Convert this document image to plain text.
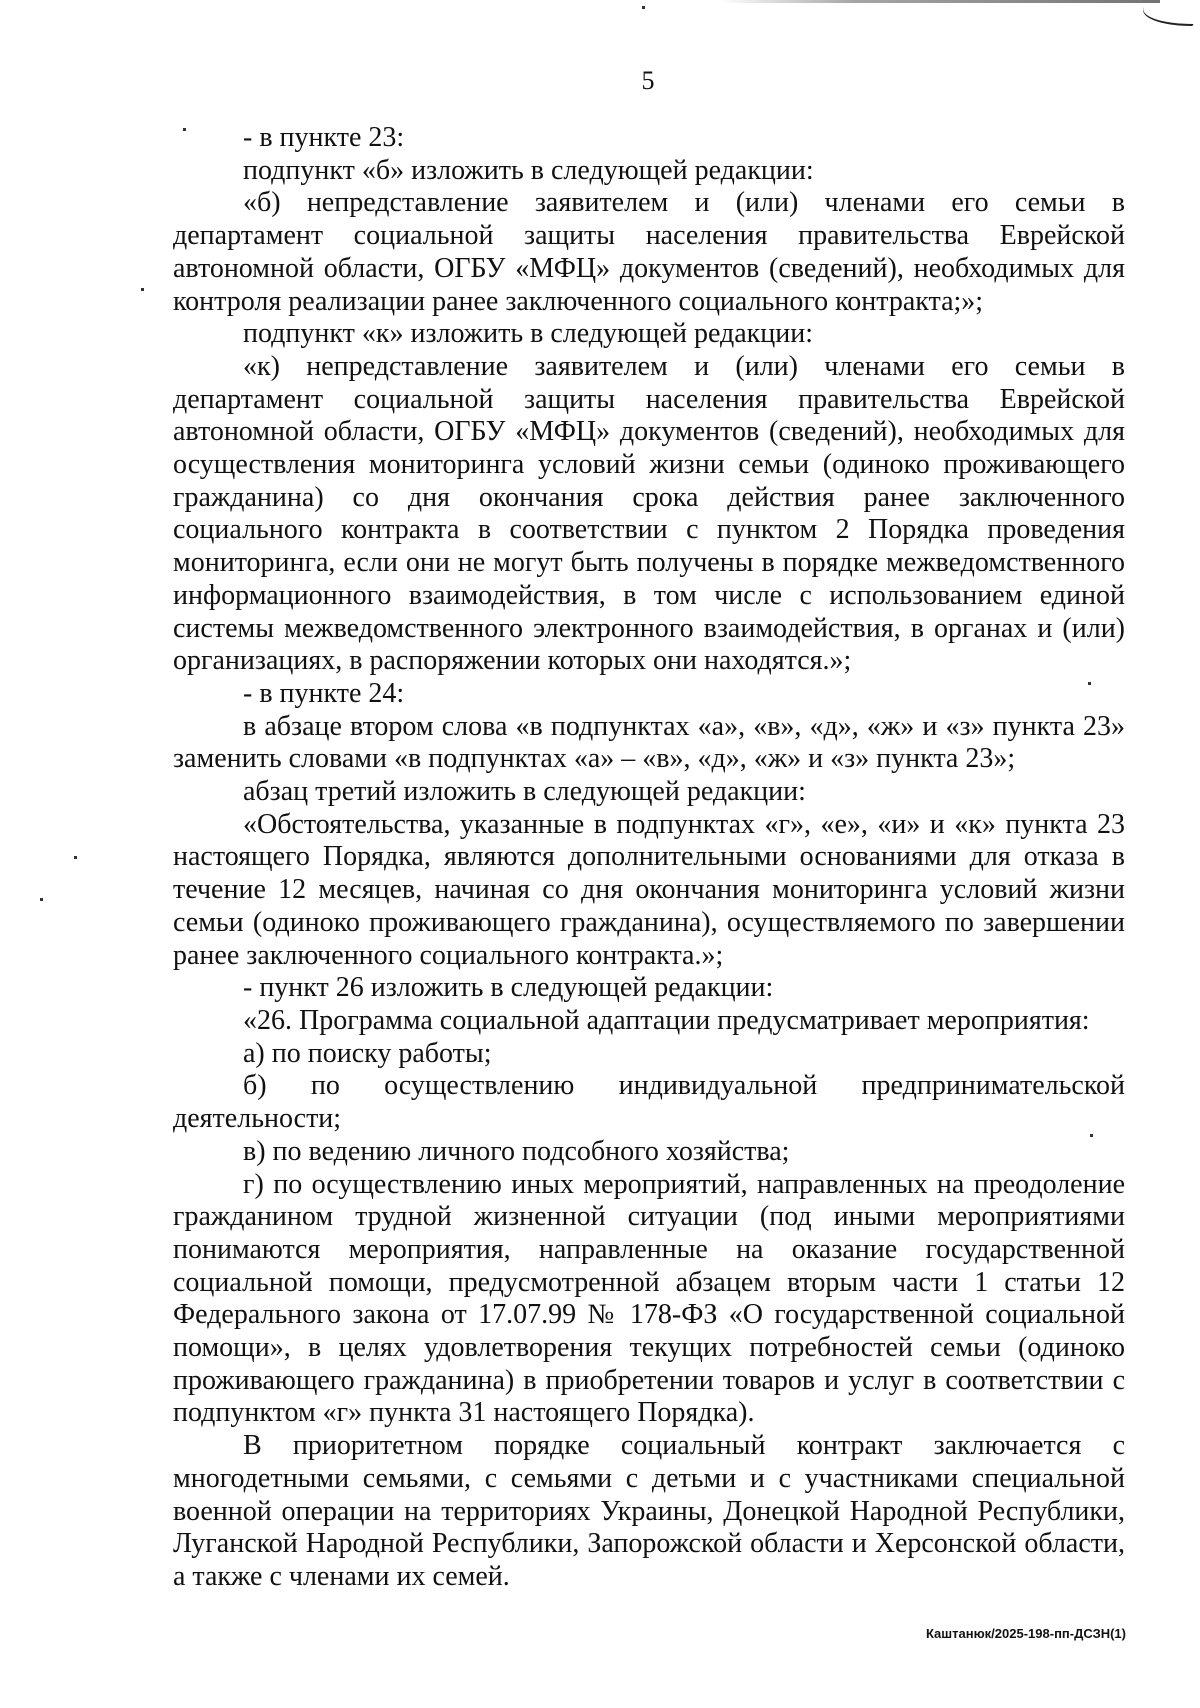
5

- в пункте 23:

подпункт «б» изложить в следующей редакции:

«б) непредставление заявителем и (или) членами его семьи в департамент социальной защиты населения правительства Еврейской автономной области, ОГБУ «МФЦ» документов (сведений), необходимых для контроля реализации ранее заключенного социального контракта;»;

подпункт «к» изложить в следующей редакции:

«к) непредставление заявителем и (или) членами его семьи в департамент социальной защиты населения правительства Еврейской автономной области, ОГБУ «МФЦ» документов (сведений), необходимых для осуществления мониторинга условий жизни семьи (одиноко проживающего гражданина) со дня окончания срока действия ранее заключенного социального контракта в соответствии с пунктом 2 Порядка проведения мониторинга, если они не могут быть получены в порядке межведомственного информационного взаимодействия, в том числе с использованием единой системы межведомственного электронного взаимодействия, в органах и (или) организациях, в распоряжении которых они находятся.»;

- в пункте 24:

в абзаце втором слова «в подпунктах «а», «в», «д», «ж» и «з» пункта 23» заменить словами «в подпунктах «а» – «в», «д», «ж» и «з» пункта 23»;

абзац третий изложить в следующей редакции:

«Обстоятельства, указанные в подпунктах «г», «е», «и» и «к» пункта 23 настоящего Порядка, являются дополнительными основаниями для отказа в течение 12 месяцев, начиная со дня окончания мониторинга условий жизни семьи (одиноко проживающего гражданина), осуществляемого по завершении ранее заключенного социального контракта.»;

- пункт 26 изложить в следующей редакции:

«26. Программа социальной адаптации предусматривает мероприятия:

а) по поиску работы;

б) по осуществлению индивидуальной предпринимательской деятельности;

в) по ведению личного подсобного хозяйства;

г) по осуществлению иных мероприятий, направленных на преодоление гражданином трудной жизненной ситуации (под иными мероприятиями понимаются мероприятия, направленные на оказание государственной социальной помощи, предусмотренной абзацем вторым части 1 статьи 12 Федерального закона от 17.07.99 № 178-ФЗ «О государственной социальной помощи», в целях удовлетворения текущих потребностей семьи (одиноко проживающего гражданина) в приобретении товаров и услуг в соответствии с подпунктом «г» пункта 31 настоящего Порядка).

В приоритетном порядке социальный контракт заключается с многодетными семьями, с семьями с детьми и с участниками специальной военной операции на территориях Украины, Донецкой Народной Республики, Луганской Народной Республики, Запорожской области и Херсонской области, а также с членами их семей.

Каштанюк/2025-198-пп-ДСЗН(1)
